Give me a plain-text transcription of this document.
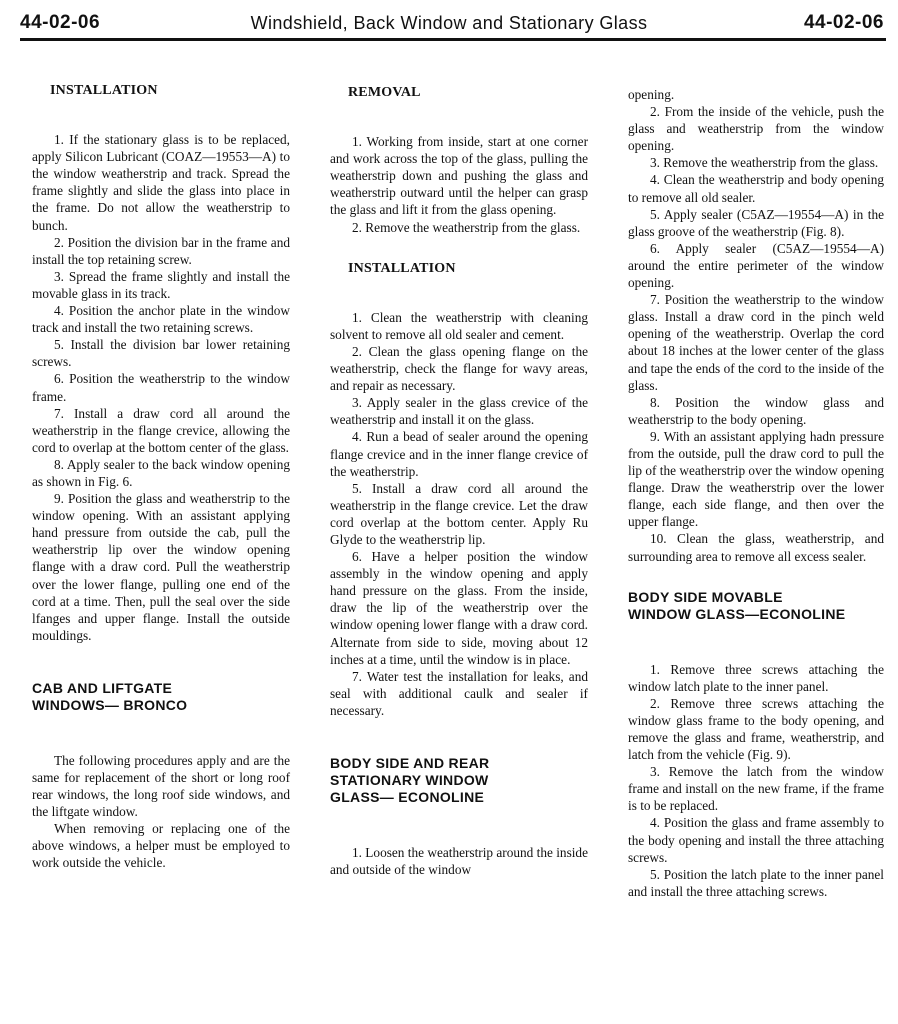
44-02-06	Windshield, Back Window and Stationary Glass	44-02-06
INSTALLATION

1. If the stationary glass is to be replaced, apply Silicon Lubricant (COAZ—19553—A) to the window weatherstrip and track. Spread the frame slightly and slide the glass into place in the frame. Do not allow the weatherstrip to bunch.

2. Position the division bar in the frame and install the top retaining screw.

3. Spread the frame slightly and install the movable glass in its track.

4. Position the anchor plate in the window track and install the two retaining screws.

5. Install the division bar lower retaining screws.

6. Position the weatherstrip to the window frame.

7. Install a draw cord all around the weatherstrip in the flange crevice, allowing the cord to overlap at the bottom center of the glass.

8. Apply sealer to the back window opening as shown in Fig. 6.

9. Position the glass and weatherstrip to the window opening. With an assistant applying hand pressure from outside the cab, pull the weatherstrip lip over the window opening flange with a draw cord. Pull the weatherstrip over the lower flange, pulling one end of the cord at a time. Then, pull the seal over the side lfanges and upper flange. Install the outside mouldings.

CAB AND LIFTGATE
WINDOWS— BRONCO

The following procedures apply and are the same for replacement of the short or long roof rear windows, the long roof side windows, and the liftgate window.

When removing or replacing one of the above windows, a helper must be employed to work outside the vehicle.

REMOVAL

1. Working from inside, start at one corner and work across the top of the glass, pulling the weatherstrip down and pushing the glass and weatherstrip outward until the helper can grasp the glass and lift it from the glass opening.

2. Remove the weatherstrip from the glass.

INSTALLATION

1. Clean the weatherstrip with cleaning solvent to remove all old sealer and cement.

2. Clean the glass opening flange on the weatherstrip, check the flange for wavy areas, and repair as necessary.

3. Apply sealer in the glass crevice of the weatherstrip and install it on the glass.

4. Run a bead of sealer around the opening flange crevice and in the inner flange crevice of the weatherstrip.

5. Install a draw cord all around the weatherstrip in the flange crevice. Let the draw cord overlap at the bottom center. Apply Ru Glyde to the weatherstrip lip.

6. Have a helper position the window assembly in the window opening and apply hand pressure on the glass. From the inside, draw the lip of the weatherstrip over the window opening lower flange with a draw cord. Alternate from side to side, moving about 12 inches at a time, until the window is in place.

7. Water test the installation for leaks, and seal with additional caulk and sealer if necessary.

BODY SIDE AND REAR
STATIONARY WINDOW
GLASS— ECONOLINE

1. Loosen the weatherstrip around the inside and outside of the window

opening.

2. From the inside of the vehicle, push the glass and weatherstrip from the window opening.

3. Remove the weatherstrip from the glass.

4. Clean the weatherstrip and body opening to remove all old sealer.

5. Apply sealer (C5AZ—19554—A) in the glass groove of the weatherstrip (Fig. 8).

6. Apply sealer (C5AZ—19554—A) around the entire perimeter of the window opening.

7. Position the weatherstrip to the window glass. Install a draw cord in the pinch weld opening of the weatherstrip. Overlap the cord about 18 inches at the lower center of the glass and tape the ends of the cord to the inside of the glass.

8. Position the window glass and weatherstrip to the body opening.

9. With an assistant applying hadn pressure from the outside, pull the draw cord to pull the lip of the weatherstrip over the window opening flange. Draw the weatherstrip over the lower flange, each side flange, and then over the upper flange.

10. Clean the glass, weatherstrip, and surrounding area to remove all excess sealer.

BODY SIDE MOVABLE
WINDOW GLASS—ECONOLINE

1. Remove three screws attaching the window latch plate to the inner panel.

2. Remove three screws attaching the window glass frame to the body opening, and remove the glass and frame, weatherstrip, and latch from the vehicle (Fig. 9).

3. Remove the latch from the window frame and install on the new frame, if the frame is to be replaced.

4. Position the glass and frame assembly to the body opening and install the three attaching screws.

5. Position the latch plate to the inner panel and install the three attaching screws.
